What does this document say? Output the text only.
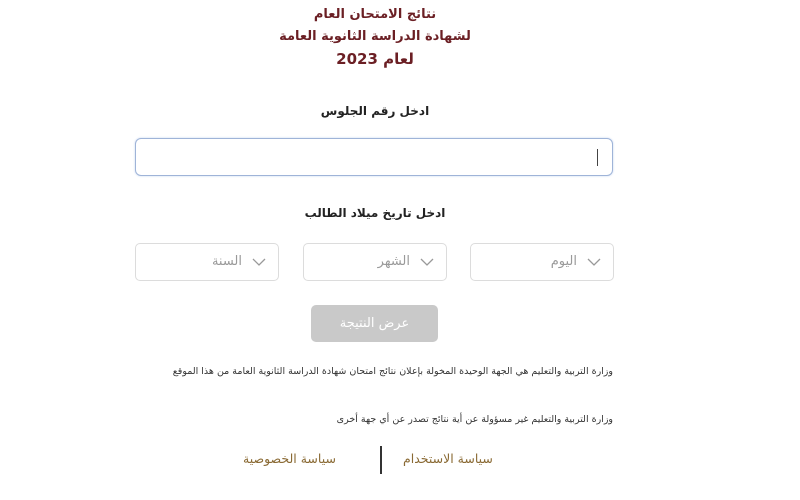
نتائج الامتحان العام
لشهادة الدراسة الثانوية العامة
لعام 2023
ادخل رقم الجلوس
ادخل تاريخ ميلاد الطالب
اليوم
الشهر
السنة
عرض النتيجة
وزارة التربية والتعليم هي الجهة الوحيدة المخولة بإعلان نتائج امتحان شهادة الدراسة الثانوية العامة من هذا الموقع
وزارة التربية والتعليم غير مسؤولة عن أية نتائج تصدر عن أي جهة أخرى
سياسة الاستخدام
سياسة الخصوصية
